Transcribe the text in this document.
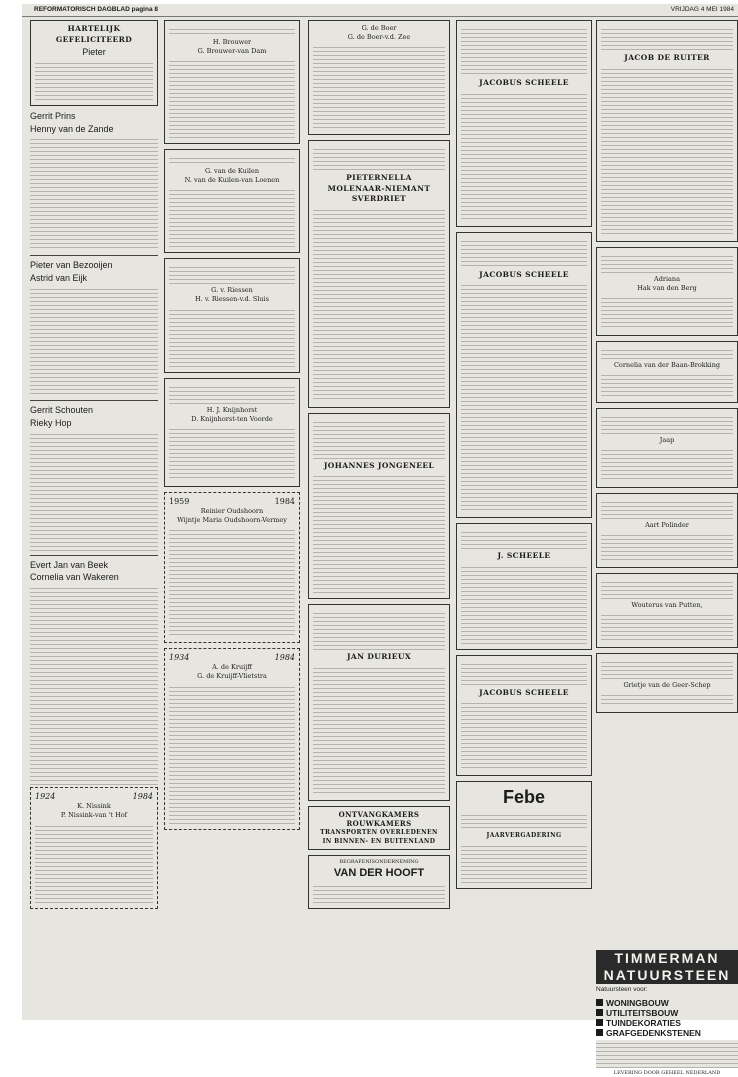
REFORMATORISCH DAGBLAD pagina 8	VRIJDAG 4 MEI 1984
HARTELIJK GEFELICITEERD
Pieter
Gerrit Prins
Henny van de Zande
Pieter van Bezooijen
Astrid van Eijk
Gerrit Schouten
Rieky Hop
Evert Jan van Beek
Cornelia van Wakeren
1924	1984
K. Nissink
P. Nissink-van 't Hof
H. Brouwer
G. Brouwer-van Dam
G. van de Kuilen
N. van de Kuilen-van Loenen
G. v. Riessen
H. v. Riessen-v.d. Sluis
H. J. Knijnhorst
D. Knijnhorst-ten Voorde
1959	1984
Reinier Oudshoorn
Wijntje Maria Oudshoorn-Vermey
1934	1984
A. de Kruijff
G. de Kruijff-Vlietstra
G. de Boer
G. de Boer-v.d. Zee
PIETERNELLA
MOLENAAR-NIEMANT SVERDRIET
JOHANNES JONGENEEL
JAN DURIEUX
ONTVANGKAMERS
ROUWKAMERS
TRANSPORTEN OVERLEDENEN
IN BINNEN- EN BUITENLAND
BEGRAFENISONDERNEMING
VAN DER HOOFT
JACOBUS SCHEELE
JACOBUS SCHEELE
J. SCHEELE
JACOBUS SCHEELE
Febe
JAARVERGADERING
JACOB DE RUITER
Adriana
Hak van den Berg
Cornelia van der Baan-Brokking
Jaap
Aart Polinder
Wouterus van Putten,
Grietje van de Geer-Schep
TIMMERMAN
NATUURSTEEN
Natuursteen voor:
WONINGBOUW
UTILITEITSBOUW
TUINDEKORATIES
GRAFGEDENKSTENEN
LEVERING DOOR GEHEEL NEDERLAND
